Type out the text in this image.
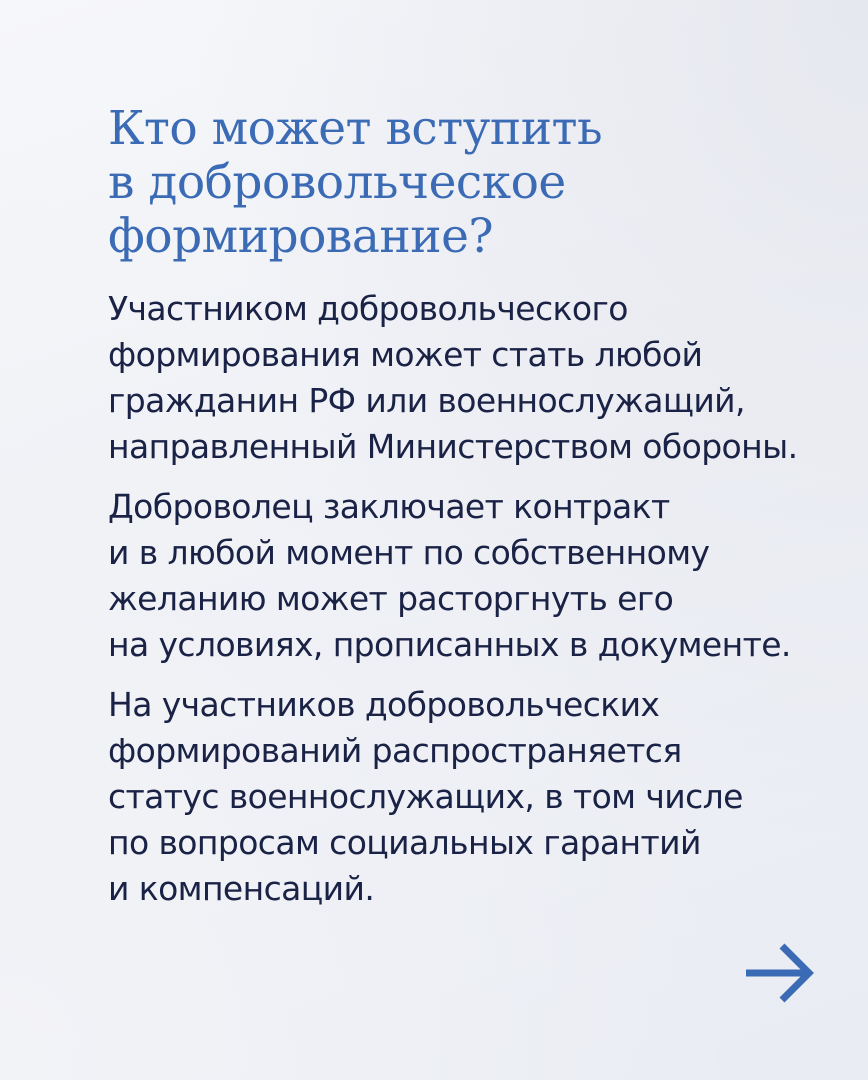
Кто может вступить
в добровольческое
формирование?

Участником добровольческого
формирования может стать любой
гражданин РФ или военнослужащий,
направленный Министерством обороны.

Доброволец заключает контракт
и в любой момент по собственному
желанию может расторгнуть его
на условиях, прописанных в документе.

На участников добровольческих
формирований распространяется
статус военнослужащих, в том числе
по вопросам социальных гарантий
и компенсаций.
